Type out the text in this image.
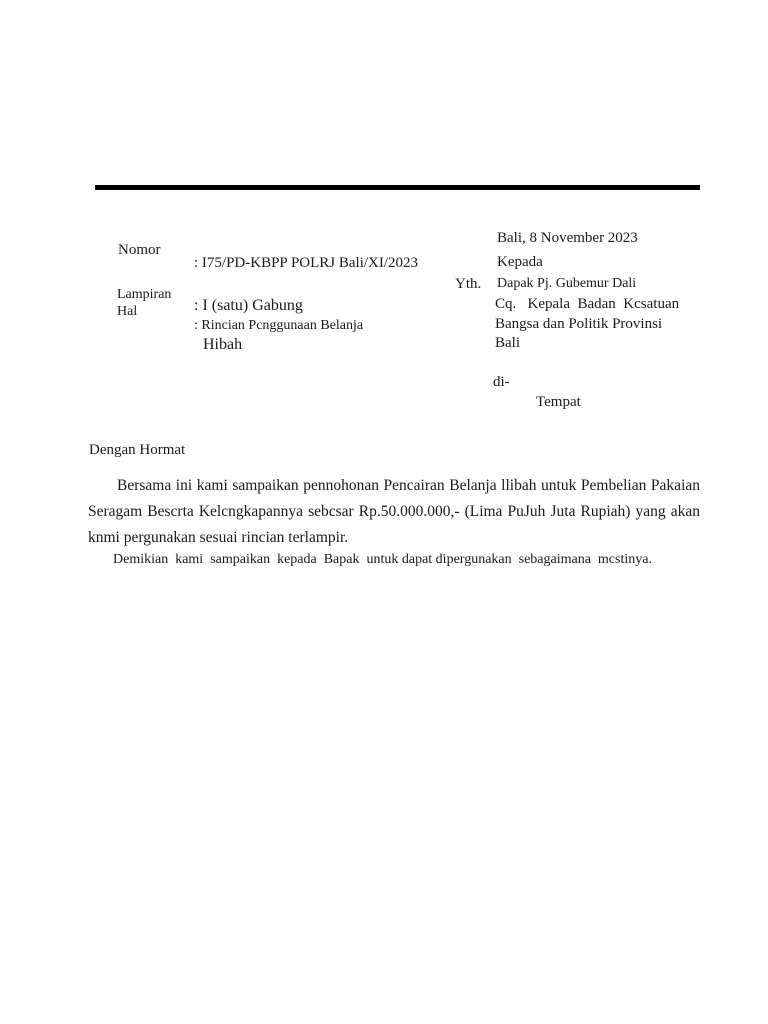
Nomor
: I75/PD-KBPP POLRJ Bali/XI/2023
Lampiran
Hal	: I (satu) Gabung
: Rincian Pcnggunaan Belanja
Hibah
Bali, 8 November 2023
Kepada
Yth. Dapak Pj. Gubemur Dali
Cq.   Kepala  Badan  Kcsatuan
Bangsa dan Politik Provinsi
Bali
di-
Tempat
Dengan Hormat

Bersama ini kami sampaikan pennohonan Pencairan Belanja llibah untuk Pembelian Pakaian Seragam Bescrta Kelcngkapannya sebcsar Rp.50.000.000,- (Lima PuJuh Juta Rupiah) yang akan knmi pergunakan sesuai rincian terlampir.

Demikian  kami  sampaikan  kepada  Bapak  untuk dapat dipergunakan  sebagaimana  mcstinya.
